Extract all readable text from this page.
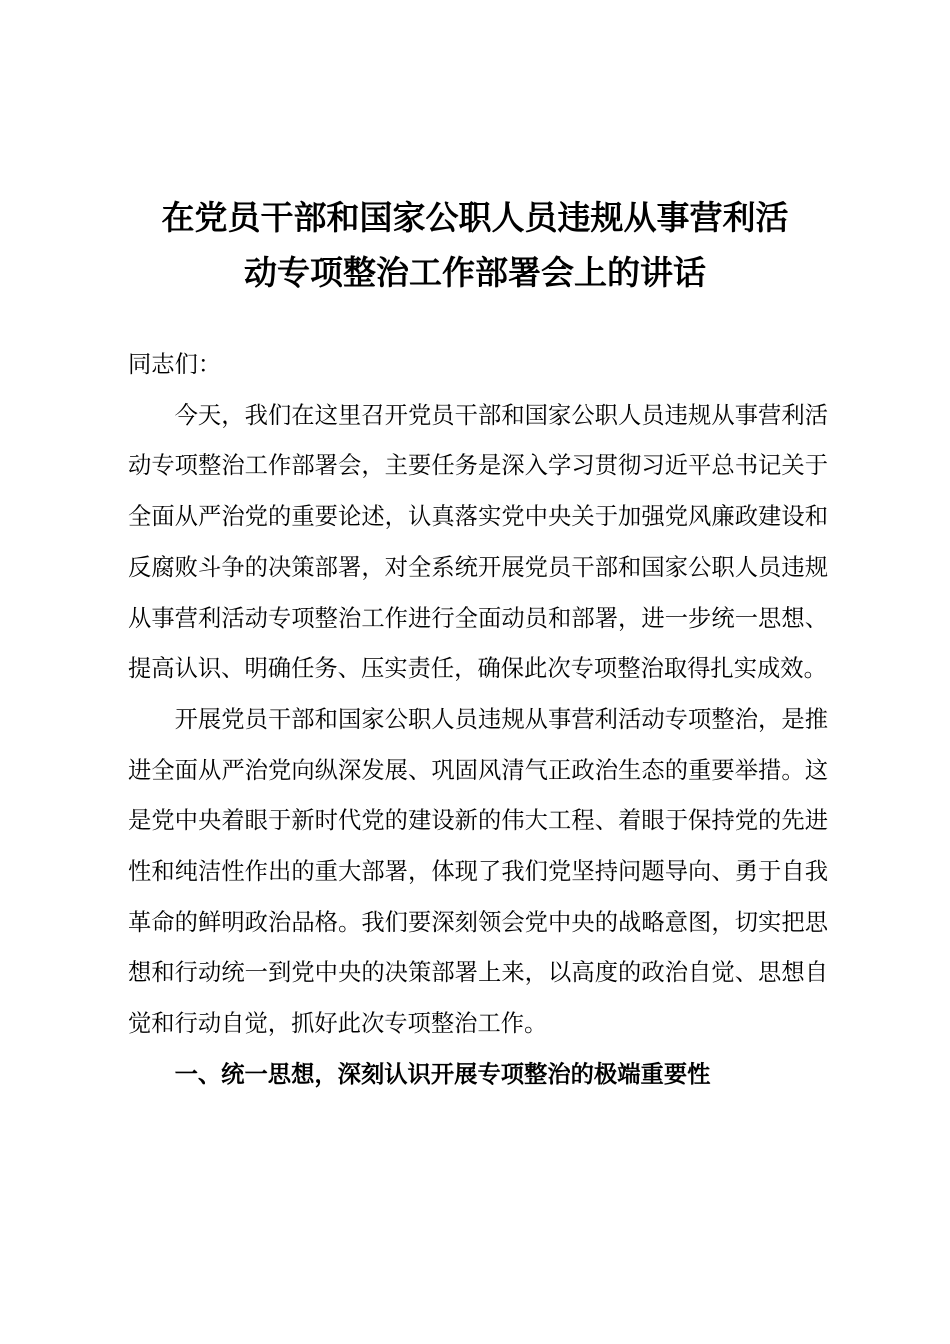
在党员干部和国家公职人员违规从事营利活
动专项整治工作部署会上的讲话

同志们：

今天，我们在这里召开党员干部和国家公职人员违规从事营利活动专项整治工作部署会，主要任务是深入学习贯彻习近平总书记关于全面从严治党的重要论述，认真落实党中央关于加强党风廉政建设和反腐败斗争的决策部署，对全系统开展党员干部和国家公职人员违规从事营利活动专项整治工作进行全面动员和部署，进一步统一思想、提高认识、明确任务、压实责任，确保此次专项整治取得扎实成效。

开展党员干部和国家公职人员违规从事营利活动专项整治，是推进全面从严治党向纵深发展、巩固风清气正政治生态的重要举措。这是党中央着眼于新时代党的建设新的伟大工程、着眼于保持党的先进性和纯洁性作出的重大部署，体现了我们党坚持问题导向、勇于自我革命的鲜明政治品格。我们要深刻领会党中央的战略意图，切实把思想和行动统一到党中央的决策部署上来，以高度的政治自觉、思想自觉和行动自觉，抓好此次专项整治工作。

一、统一思想，深刻认识开展专项整治的极端重要性
